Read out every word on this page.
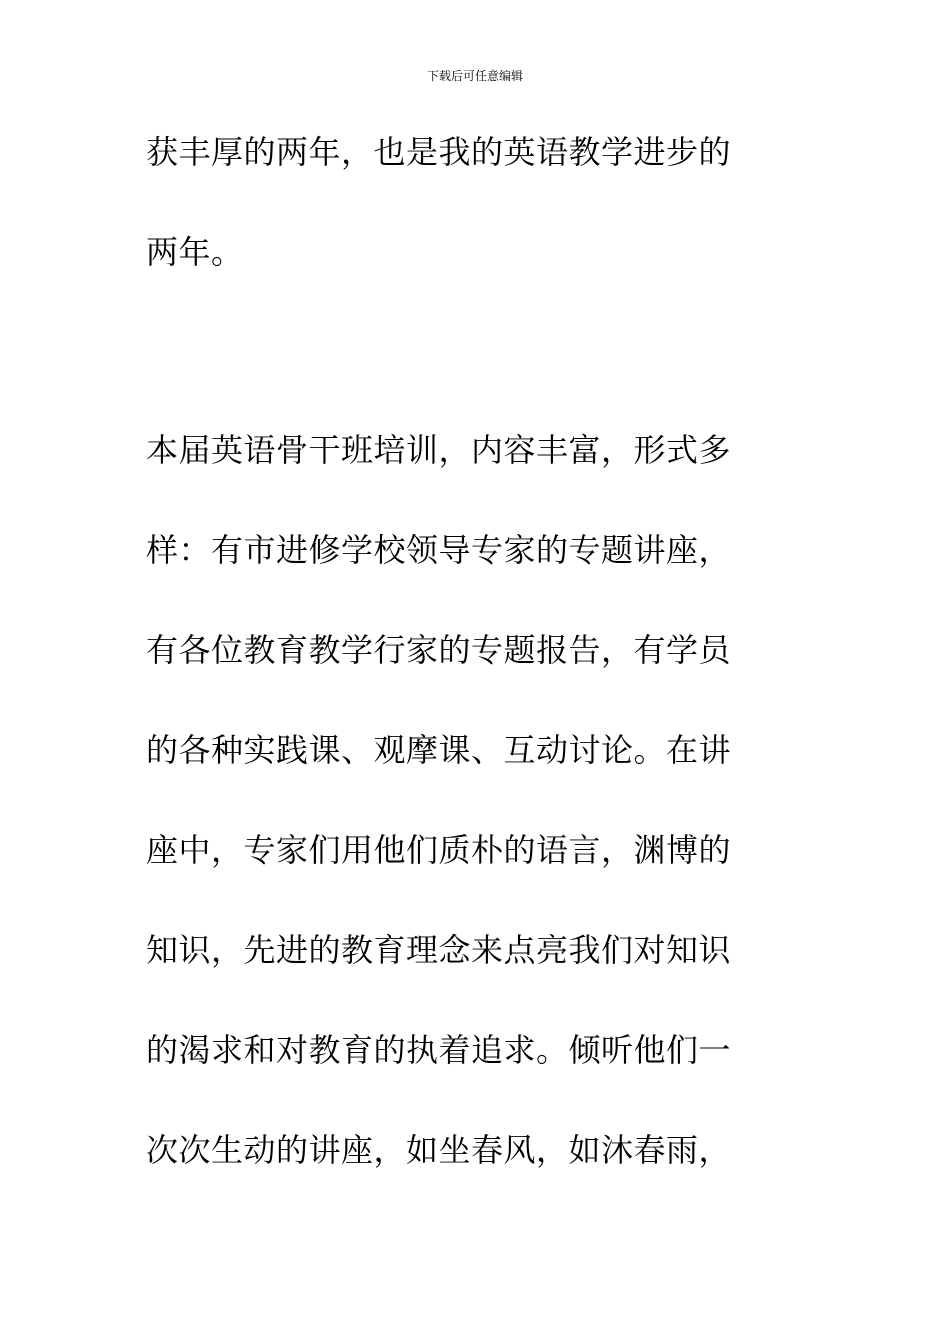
下载后可任意编辑
获丰厚的两年，也是我的英语教学进步的
两年。
本届英语骨干班培训，内容丰富，形式多
样：有市进修学校领导专家的专题讲座，
有各位教育教学行家的专题报告，有学员
的各种实践课、观摩课、互动讨论。在讲
座中，专家们用他们质朴的语言，渊博的
知识，先进的教育理念来点亮我们对知识
的渴求和对教育的执着追求。倾听他们一
次次生动的讲座，如坐春风，如沐春雨，
